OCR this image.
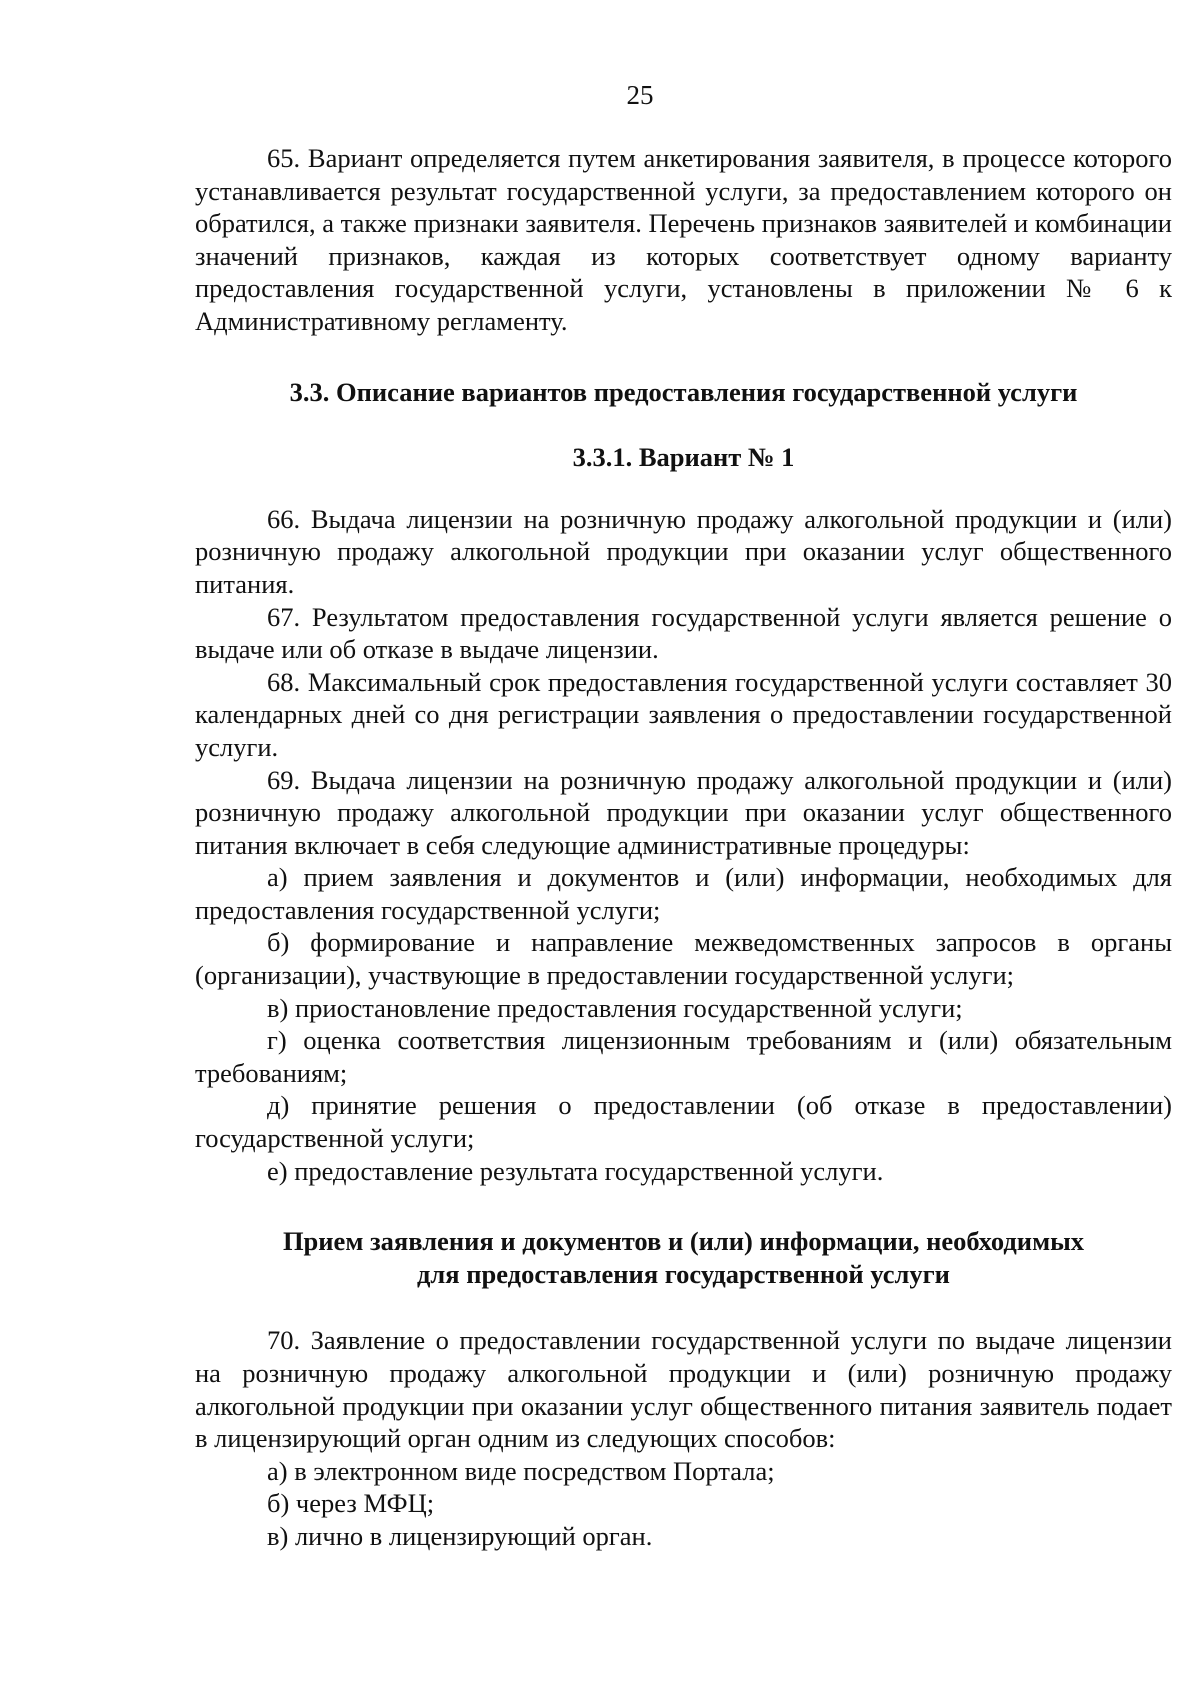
25

65. Вариант определяется путем анкетирования заявителя, в процессе которого устанавливается результат государственной услуги, за предоставлением которого он обратился, а также признаки заявителя. Перечень признаков заявителей и комбинации значений признаков, каждая из которых соответствует одному варианту предоставления государственной услуги, установлены в приложении № 6 к Административному регламенту.

3.3. Описание вариантов предоставления государственной услуги

3.3.1. Вариант № 1

66. Выдача лицензии на розничную продажу алкогольной продукции и (или) розничную продажу алкогольной продукции при оказании услуг общественного питания.

67. Результатом предоставления государственной услуги является решение о выдаче или об отказе в выдаче лицензии.

68. Максимальный срок предоставления государственной услуги составляет 30 календарных дней со дня регистрации заявления о предоставлении государственной услуги.

69. Выдача лицензии на розничную продажу алкогольной продукции и (или) розничную продажу алкогольной продукции при оказании услуг общественного питания включает в себя следующие административные процедуры:

а) прием заявления и документов и (или) информации, необходимых для предоставления государственной услуги;

б) формирование и направление межведомственных запросов в органы (организации), участвующие в предоставлении государственной услуги;

в) приостановление предоставления государственной услуги;

г) оценка соответствия лицензионным требованиям и (или) обязательным требованиям;

д) принятие решения о предоставлении (об отказе в предоставлении) государственной услуги;

е) предоставление результата государственной услуги.

Прием заявления и документов и (или) информации, необходимых
для предоставления государственной услуги

70. Заявление о предоставлении государственной услуги по выдаче лицензии на розничную продажу алкогольной продукции и (или) розничную продажу алкогольной продукции при оказании услуг общественного питания заявитель подает в лицензирующий орган одним из следующих способов:

а) в электронном виде посредством Портала;

б) через МФЦ;

в) лично в лицензирующий орган.
